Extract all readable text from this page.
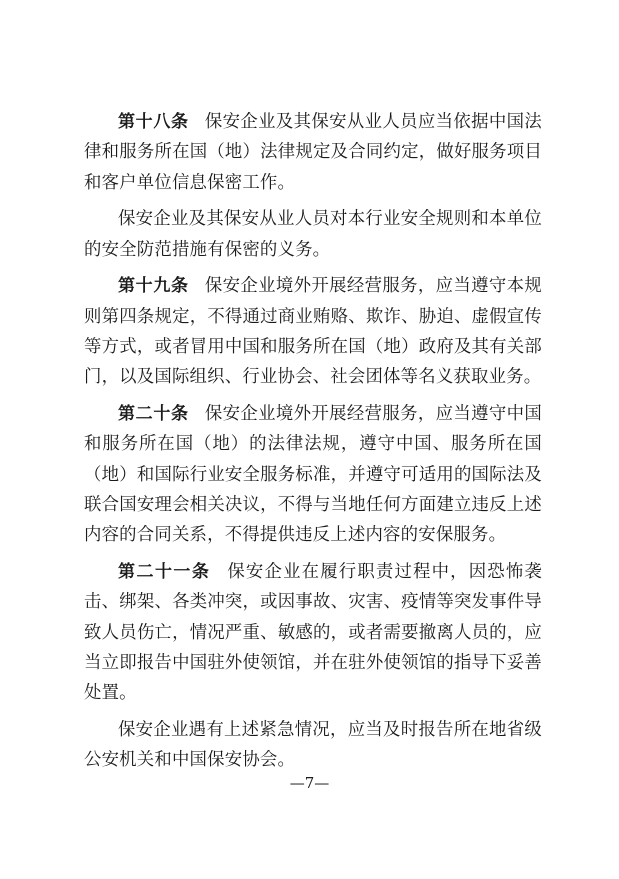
第十八条 保安企业及其保安从业人员应当依据中国法律和服务所在国（地）法律规定及合同约定，做好服务项目和客户单位信息保密工作。

保安企业及其保安从业人员对本行业安全规则和本单位的安全防范措施有保密的义务。

第十九条 保安企业境外开展经营服务，应当遵守本规则第四条规定，不得通过商业贿赂、欺诈、胁迫、虚假宣传等方式，或者冒用中国和服务所在国（地）政府及其有关部门，以及国际组织、行业协会、社会团体等名义获取业务。

第二十条 保安企业境外开展经营服务，应当遵守中国和服务所在国（地）的法律法规，遵守中国、服务所在国（地）和国际行业安全服务标准，并遵守可适用的国际法及联合国安理会相关决议，不得与当地任何方面建立违反上述内容的合同关系，不得提供违反上述内容的安保服务。

第二十一条 保安企业在履行职责过程中，因恐怖袭击、绑架、各类冲突，或因事故、灾害、疫情等突发事件导致人员伤亡，情况严重、敏感的，或者需要撤离人员的，应当立即报告中国驻外使领馆，并在驻外使领馆的指导下妥善处置。

保安企业遇有上述紧急情况，应当及时报告所在地省级公安机关和中国保安协会。

—7—
